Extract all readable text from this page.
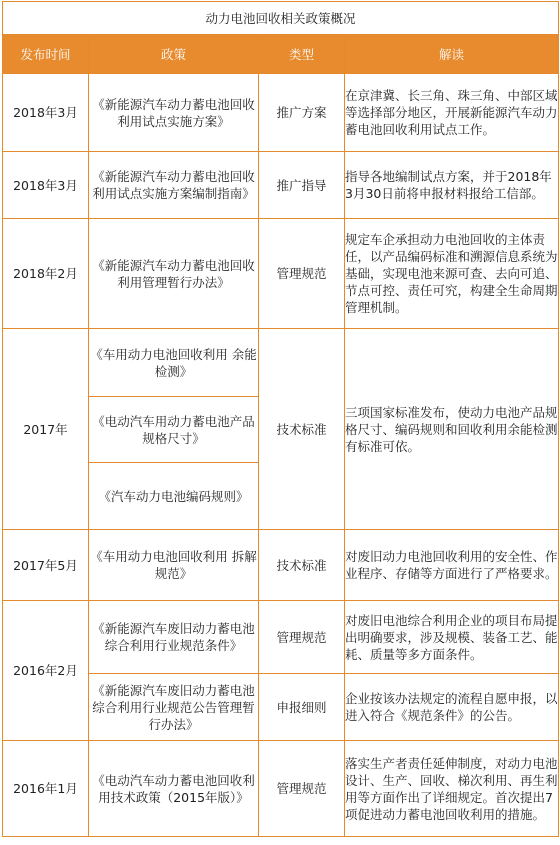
动力电池回收相关政策概况			
发布时间	政策	类型	解读
2018年3月	《新能源汽车动力蓄电池回收利用试点实施方案》	推广方案	在京津冀、长三角、珠三角、中部区域等选择部分地区，开展新能源汽车动力蓄电池回收利用试点工作。
2018年3月	《新能源汽车动力蓄电池回收利用试点实施方案编制指南》	推广指导	指导各地编制试点方案，并于2018年3月30日前将申报材料报给工信部。
2018年2月	《新能源汽车动力蓄电池回收利用管理暂行办法》	管理规范	规定车企承担动力电池回收的主体责任，以产品编码标准和溯源信息系统为基础，实现电池来源可查、去向可追、节点可控、责任可究，构建全生命周期管理机制。
2017年	《车用动力电池回收利用 余能检测》	技术标准	三项国家标准发布，使动力电池产品规格尺寸、编码规则和回收利用余能检测有标准可依。
	《电动汽车用动力蓄电池产品规格尺寸》		
	《汽车动力电池编码规则》		
2017年5月	《车用动力电池回收利用 拆解规范》	技术标准	对废旧动力电池回收利用的安全性、作业程序、存储等方面进行了严格要求。
2016年2月	《新能源汽车废旧动力蓄电池综合利用行业规范条件》	管理规范	对废旧电池综合利用企业的项目布局提出明确要求，涉及规模、装备工艺、能耗、质量等多方面条件。
	《新能源汽车废旧动力蓄电池综合利用行业规范公告管理暂行办法》	申报细则	企业按该办法规定的流程自愿申报，以进入符合《规范条件》的公告。
2016年1月	《电动汽车动力蓄电池回收利用技术政策（2015年版）》	管理规范	落实生产者责任延伸制度，对动力电池设计、生产、回收、梯次利用、再生利用等方面作出了详细规定。首次提出7项促进动力蓄电池回收利用的措施。
